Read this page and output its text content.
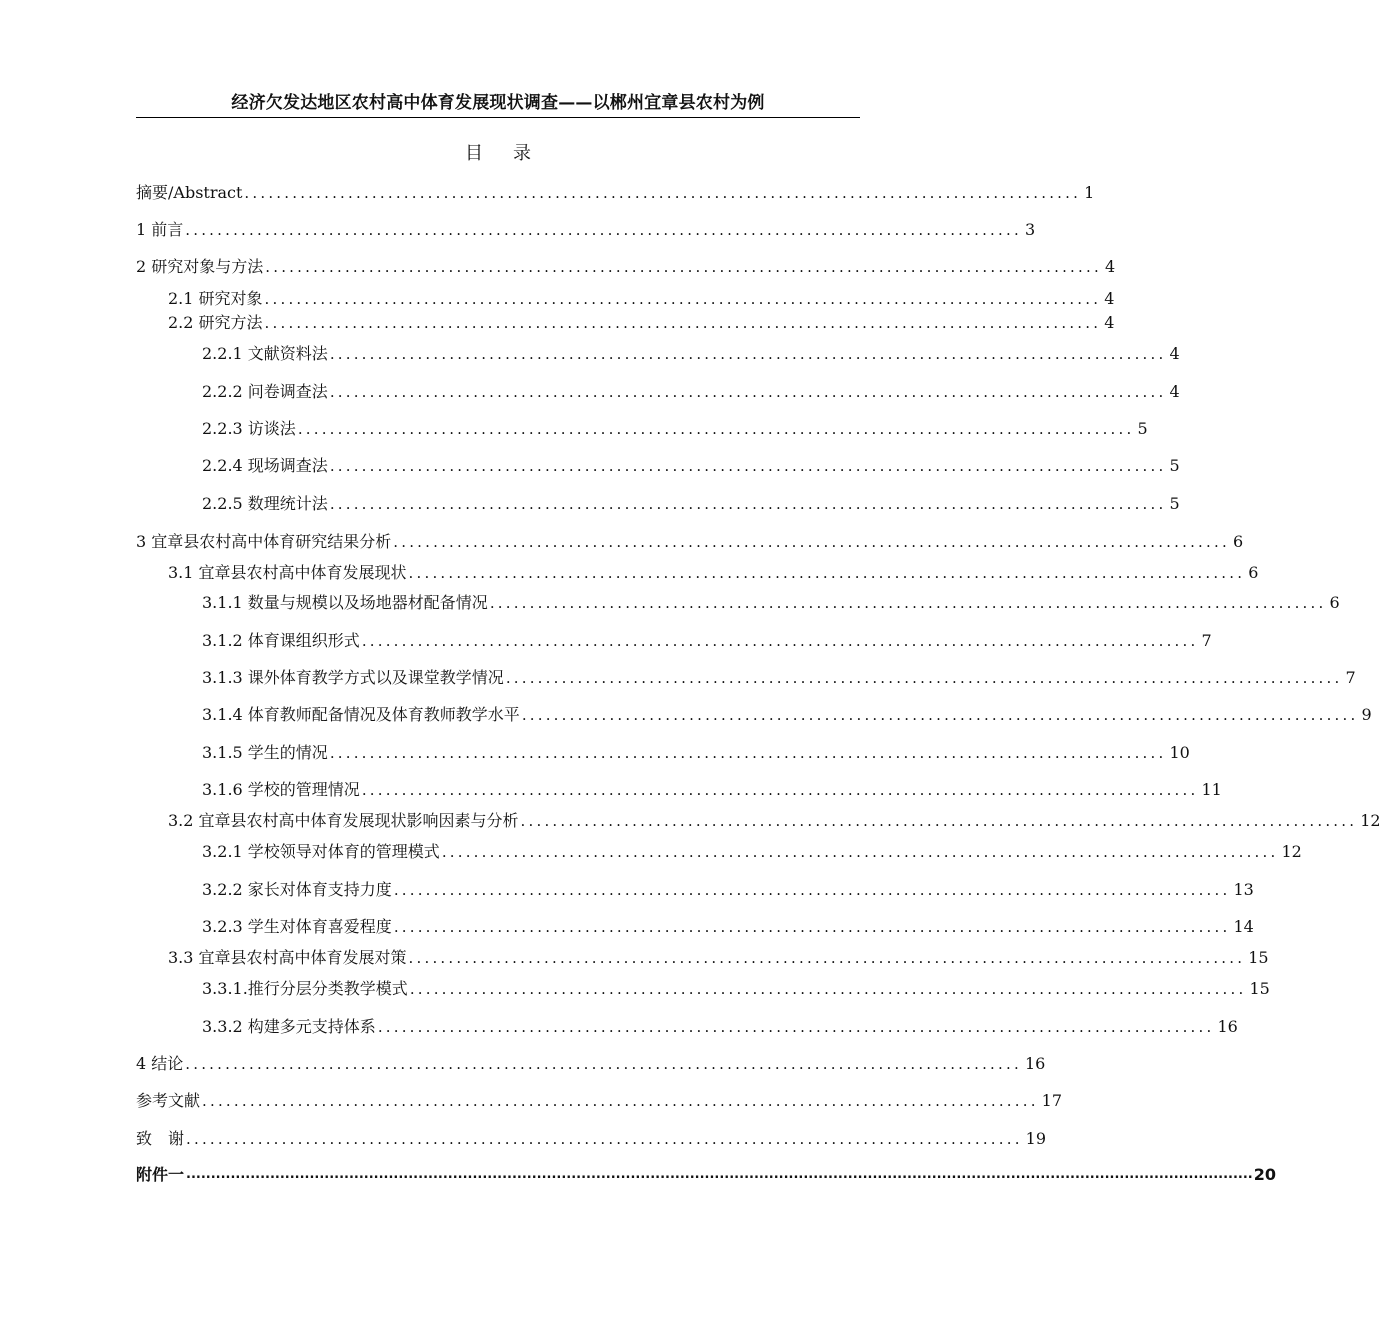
经济欠发达地区农村高中体育发展现状调查——以郴州宜章县农村为例
目录
摘要/Abstract ......................................................................................................... 1
1 前言 ......................................................................................................... 3
2 研究对象与方法 ......................................................................................................... 4
2.1 研究对象 ......................................................................................................... 4
2.2 研究方法 ......................................................................................................... 4
2.2.1 文献资料法 ......................................................................................................... 4
2.2.2 问卷调查法 ......................................................................................................... 4
2.2.3 访谈法 ......................................................................................................... 5
2.2.4 现场调查法 ......................................................................................................... 5
2.2.5 数理统计法 ......................................................................................................... 5
3 宜章县农村高中体育研究结果分析 ......................................................................................................... 6
3.1 宜章县农村高中体育发展现状 ......................................................................................................... 6
3.1.1 数量与规模以及场地器材配备情况 ......................................................................................................... 6
3.1.2 体育课组织形式 ......................................................................................................... 7
3.1.3 课外体育教学方式以及课堂教学情况 ......................................................................................................... 7
3.1.4 体育教师配备情况及体育教师教学水平 ......................................................................................................... 9
3.1.5 学生的情况 ......................................................................................................... 10
3.1.6 学校的管理情况 ......................................................................................................... 11
3.2 宜章县农村高中体育发展现状影响因素与分析 ......................................................................................................... 12
3.2.1 学校领导对体育的管理模式 ......................................................................................................... 12
3.2.2 家长对体育支持力度 ......................................................................................................... 13
3.2.3 学生对体育喜爱程度 ......................................................................................................... 14
3.3 宜章县农村高中体育发展对策 ......................................................................................................... 15
3.3.1.推行分层分类教学模式 ......................................................................................................... 15
3.3.2 构建多元支持体系 ......................................................................................................... 16
4 结论 ......................................................................................................... 16
参考文献 ......................................................................................................... 17
致　谢 ......................................................................................................... 19
附件一 ........................................................................................................................................................................................................................ 20
